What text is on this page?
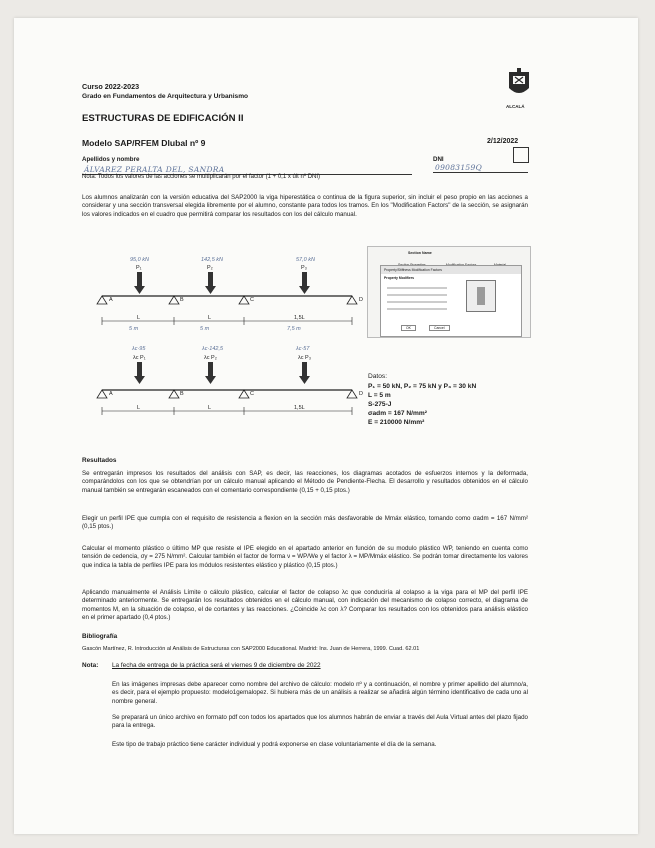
Curso 2022-2023
Grado en Fundamentos de Arquitectura y Urbanismo
ALCALÁ
ESTRUCTURAS DE EDIFICACIÓN II
Modelo SAP/RFEM Dlubal nº 9	2/12/2022
Apellidos y nombre	DNI
ÁLVAREZ PERALTA DEL, SANDRA	09083159Q
Nota: Todos los valores de las acciones se multiplicarán por el factor (1 + 0,1 x últ nº DNI)
Los alumnos analizarán con la versión educativa del SAP2000 la viga hiperestática o continua de la figura superior, sin incluir el peso propio en las acciones a considerar y una sección transversal elegida libremente por el alumno, constante para todos los tramos. En los "Modification Factors" de la sección, se asignarán los valores indicados en el cuadro que permitirá comparar los resultados con los del cálculo manual.
95,0 kN	142,5 kN	57,0 kN
P₁	P₂	P₃
A	B	C	D
L	L	1,5L
5 m	5 m	7,5 m
λc·95	λc·142,5	λc·57
λc P₁	λc P₂	λc P₃
A	B	C	D
L	L	1,5L
Section Name
Property/Stiffness Modification Factors
Property Modifiers
OK	Cancel
Datos:
P₁ = 50 kN, P₂ = 75 kN y P₃ = 30 kN
L = 5 m
S-275-J
σadm = 167 N/mm²
E = 210000 N/mm²
Resultados
Se entregarán impresos los resultados del análisis con SAP, es decir, las reacciones, los diagramas acotados de esfuerzos internos y la deformada, comparándolos con los que se obtendrían por un cálculo manual aplicando el Método de Pendiente-Flecha. El desarrollo y resultados obtenidos en el cálculo manual también se entregarán escaneados con el comentario correspondiente (0,15 + 0,15 ptos.)
Elegir un perfil IPE que cumpla con el requisito de resistencia a flexion en la sección más desfavorable de Mmáx elástico, tomando como σadm = 167 N/mm² (0,15 ptos.)
Calcular el momento plástico o último MP que resiste el IPE elegido en el apartado anterior en función de su modulo plástico WP, teniendo en cuenta como tensión de cedencia, σy = 275 N/mm². Calcular también el factor de forma ν = WP/We y el factor λ = MP/Mmáx elástico. Se podrán tomar directamente los valores que indica la tabla de perfiles IPE para los módulos resistentes elástico y plástico (0,15 ptos.)
Aplicando manualmente el Análisis Límite o cálculo plástico, calcular el factor de colapso λc que conduciría al colapso a la viga para el MP del perfil IPE determinado anteriormente. Se entregarán los resultados obtenidos en el cálculo manual, con indicación del mecanismo de colapso correcto, el diagrama de momentos M, en la situación de colapso, el de cortantes y las reacciones. ¿Coincide λc con λ? Comparar los resultados con los obtenidos para análisis elástico en el primer apartado (0,4 ptos.)
Bibliografía
Gascón Martínez, R. Introducción al Análisis de Estructuras con SAP2000 Educational. Madrid: Ins. Juan de Herrera, 1999. Cuad. 62.01
Nota: La fecha de entrega de la práctica será el viernes 9 de diciembre de 2022
En las imágenes impresas debe aparecer como nombre del archivo de cálculo: modelo nº y a continuación, el nombre y primer apellido del alumno/a, es decir, para el ejemplo propuesto: modelo1gemalopez. Si hubiera más de un análisis a realizar se añadirá algún término identificativo de cada uno al nombre general.
Se preparará un único archivo en formato pdf con todos los apartados que los alumnos habrán de enviar a través del Aula Virtual antes del plazo fijado para la entrega.
Este tipo de trabajo práctico tiene carácter individual y podrá exponerse en clase voluntariamente el día de la semana.
